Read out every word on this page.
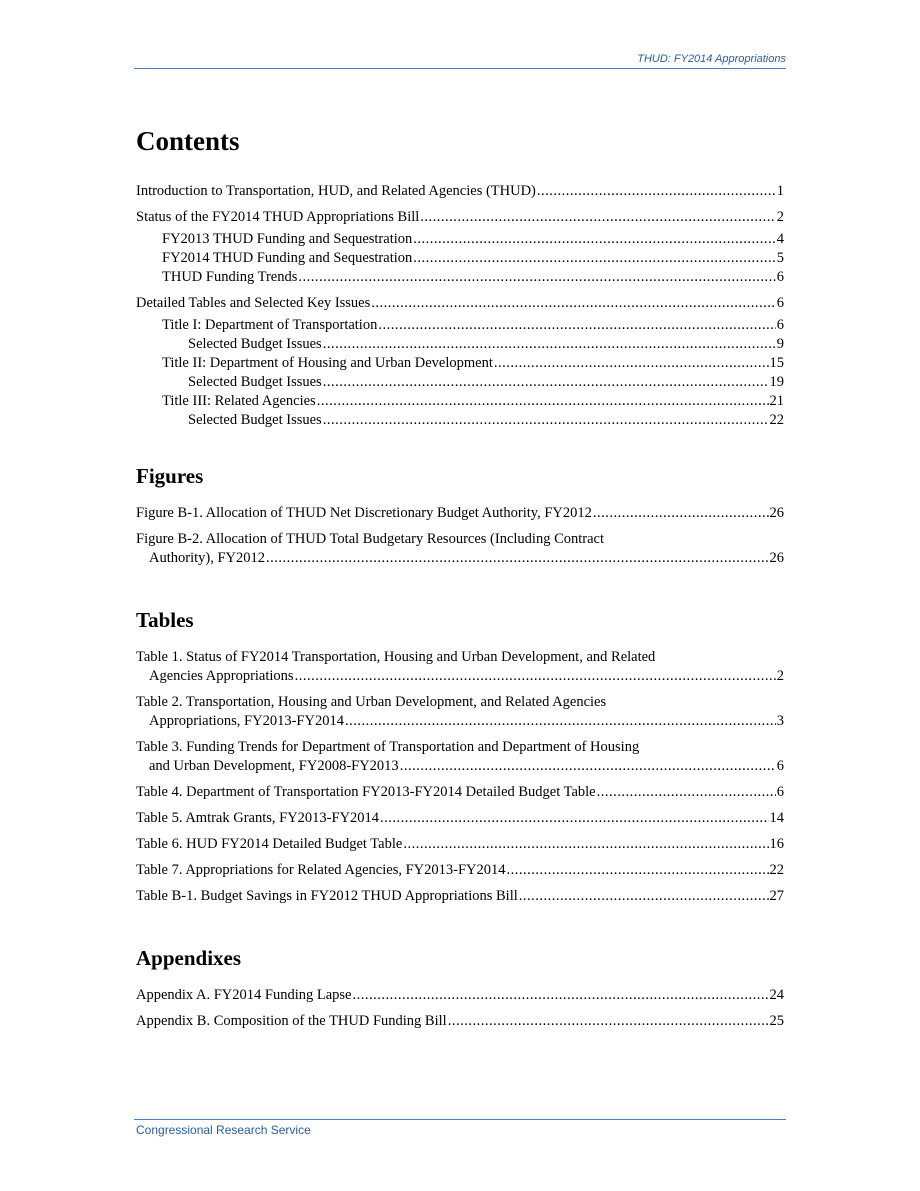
THUD: FY2014 Appropriations
Contents
Introduction to Transportation, HUD, and Related Agencies (THUD) .....	1
Status of the FY2014 THUD Appropriations Bill .....	2
FY2013 THUD Funding and Sequestration .....	4
FY2014 THUD Funding and Sequestration .....	5
THUD Funding Trends .....	6
Detailed Tables and Selected Key Issues .....	6
Title I: Department of Transportation .....	6
Selected Budget Issues .....	9
Title II: Department of Housing and Urban Development .....	15
Selected Budget Issues .....	19
Title III: Related Agencies .....	21
Selected Budget Issues .....	22
Figures
Figure B-1. Allocation of THUD Net Discretionary Budget Authority, FY2012 .....	26
Figure B-2. Allocation of THUD Total Budgetary Resources (Including Contract
Authority), FY2012 .....	26
Tables
Table 1. Status of FY2014 Transportation, Housing and Urban Development, and Related
Agencies Appropriations .....	2
Table 2. Transportation, Housing and Urban Development, and Related Agencies
Appropriations, FY2013-FY2014 .....	3
Table 3. Funding Trends for Department of Transportation and Department of Housing
and Urban Development, FY2008-FY2013 .....	6
Table 4. Department of Transportation FY2013-FY2014 Detailed Budget Table .....	6
Table 5. Amtrak Grants, FY2013-FY2014 .....	14
Table 6. HUD FY2014 Detailed Budget Table .....	16
Table 7. Appropriations for Related Agencies, FY2013-FY2014 .....	22
Table B-1. Budget Savings in FY2012 THUD Appropriations Bill .....	27
Appendixes
Appendix A. FY2014 Funding Lapse .....	24
Appendix B. Composition of the THUD Funding Bill .....	25
Congressional Research Service
